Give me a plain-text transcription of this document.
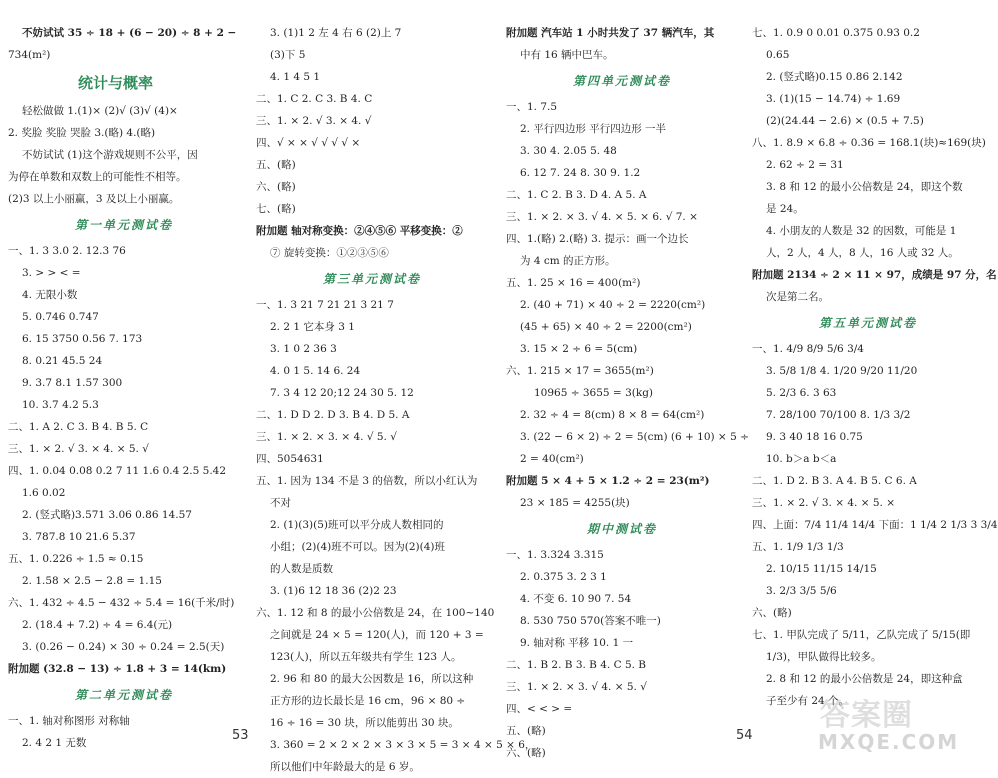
不妨试试 35 ÷ 18 + (6 − 20) ÷ 8 + 2 −
734(m²)
统计与概率
轻松做做 1.(1)× (2)√ (3)√ (4)×
2. 奖脸 奖脸 哭脸 3.(略) 4.(略)
不妨试试 (1)这个游戏规则不公平，因
为停在单数和双数上的可能性不相等。
(2)3 以上小丽赢，3 及以上小丽赢。
第一单元测试卷
一、1. 3 3.0 2. 12.3 76
3. > > < =
4. 无限小数
5. 0.746 0.747
6. 15 3750 0.56 7. 173
8. 0.21 45.5 24
9. 3.7 8.1 1.57 300
10. 3.7 4.2 5.3
二、1. A 2. C 3. B 4. B 5. C
三、1. × 2. √ 3. × 4. × 5. √
四、1. 0.04 0.08 0.2 7 11 1.6 0.4 2.5 5.42
1.6 0.02
2. (竖式略)3.571 3.06 0.86 14.57
3. 787.8 10 21.6 5.37
五、1. 0.226 ÷ 1.5 ≈ 0.15
2. 1.58 × 2.5 − 2.8 = 1.15
六、1. 432 ÷ 4.5 − 432 ÷ 5.4 = 16(千米/时)
2. (18.4 + 7.2) ÷ 4 = 6.4(元)
3. (0.26 − 0.24) × 30 ÷ 0.24 = 2.5(天)
附加题 (32.8 − 13) ÷ 1.8 + 3 = 14(km)
第二单元测试卷
一、1. 轴对称图形 对称轴
2. 4 2 1 无数
3. (1)1 2 左 4 右 6 (2)上 7
(3)下 5
4. 1 4 5 1
二、1. C 2. C 3. B 4. C
三、1. × 2. √ 3. × 4. √
四、√ × × √ √ √ √ ×
五、(略)
六、(略)
七、(略)
附加题 轴对称变换：②④⑤⑥ 平移变换：②
⑦ 旋转变换：①②③⑤⑥
第三单元测试卷
一、1. 3 21 7 21 21 3 21 7
2. 2 1 它本身 3 1
3. 1 0 2 36 3
4. 0 1 5. 14 6. 24
7. 3 4 12 20;12 24 30 5. 12
二、1. D D 2. D 3. B 4. D 5. A
三、1. × 2. × 3. × 4. √ 5. √
四、5054631
五、1. 因为 134 不是 3 的倍数，所以小红认为
不对
2. (1)(3)(5)班可以平分成人数相同的
小组；(2)(4)班不可以。因为(2)(4)班
的人数是质数
3. (1)6 12 18 36 (2)2 23
六、1. 12 和 8 的最小公倍数是 24，在 100~140
之间就是 24 × 5 = 120(人)，而 120 + 3 =
123(人)，所以五年级共有学生 123 人。
2. 96 和 80 的最大公因数是 16，所以这种
正方形的边长最长是 16 cm，96 × 80 ÷
16 ÷ 16 = 30 块，所以能剪出 30 块。
3. 360 = 2 × 2 × 2 × 3 × 3 × 5 = 3 × 4 × 5 × 6，
所以他们中年龄最大的是 6 岁。
53
附加题 汽车站 1 小时共发了 37 辆汽车，其
中有 16 辆中巴车。
第四单元测试卷
一、1. 7.5
2. 平行四边形 平行四边形 一半
3. 30 4. 2.05 5. 48
6. 12 7. 24 8. 30 9. 1.2
二、1. C 2. B 3. D 4. A 5. A
三、1. × 2. × 3. √ 4. × 5. × 6. √ 7. ×
四、1.(略) 2.(略) 3. 提示：画一个边长
为 4 cm 的正方形。
五、1. 25 × 16 = 400(m²)
2. (40 + 71) × 40 ÷ 2 = 2220(cm²)
(45 + 65) × 40 ÷ 2 = 2200(cm²)
3. 15 × 2 ÷ 6 = 5(cm)
六、1. 215 × 17 = 3655(m²)
10965 ÷ 3655 = 3(kg)
2. 32 ÷ 4 = 8(cm) 8 × 8 = 64(cm²)
3. (22 − 6 × 2) ÷ 2 = 5(cm) (6 + 10) × 5 ÷
2 = 40(cm²)
附加题 5 × 4 + 5 × 1.2 ÷ 2 = 23(m²)
23 × 185 = 4255(块)
期中测试卷
一、1. 3.324 3.315
2. 0.375 3. 2 3 1
4. 不变 6. 10 90 7. 54
8. 530 750 570(答案不唯一)
9. 轴对称 平移 10. 1 一
二、1. B 2. B 3. B 4. C 5. B
三、1. × 2. × 3. √ 4. × 5. √
四、< < > =
五、(略)
六、(略)
七、1. 0.9 0 0.01 0.375 0.93 0.2
0.65
2. (竖式略)0.15 0.86 2.142
3. (1)(15 − 14.74) ÷ 1.69
(2)(24.44 − 2.6) × (0.5 + 7.5)
八、1. 8.9 × 6.8 ÷ 0.36 = 168.1(块)≈169(块)
2. 62 ÷ 2 = 31
3. 8 和 12 的最小公倍数是 24，即这个数
是 24。
4. 小朋友的人数是 32 的因数，可能是 1
人，2 人，4 人，8 人，16 人或 32 人。
附加题 2134 ÷ 2 × 11 × 97，成绩是 97 分，名
次是第二名。
第五单元测试卷
一、1. 4/9 8/9 5/6 3/4
3. 5/8 1/8 4. 1/20 9/20 11/20
5. 2/3 6. 3 63
7. 28/100 70/100 8. 1/3 3/2
9. 3 40 18 16 0.75
10. b＞a b＜a
二、1. D 2. B 3. A 4. B 5. C 6. A
三、1. × 2. √ 3. × 4. × 5. ×
四、上面：7/4 11/4 14/4 下面：1 1/4 2 1/3 3 3/4
五、1. 1/9 1/3 1/3
2. 10/15 11/15 14/15
3. 2/3 3/5 5/6
六、(略)
七、1. 甲队完成了 5/11，乙队完成了 5/15(即
1/3)，甲队做得比较多。
2. 8 和 12 的最小公倍数是 24，即这种盒
子至少有 24 个。
54
答案圈
MXQE.COM
